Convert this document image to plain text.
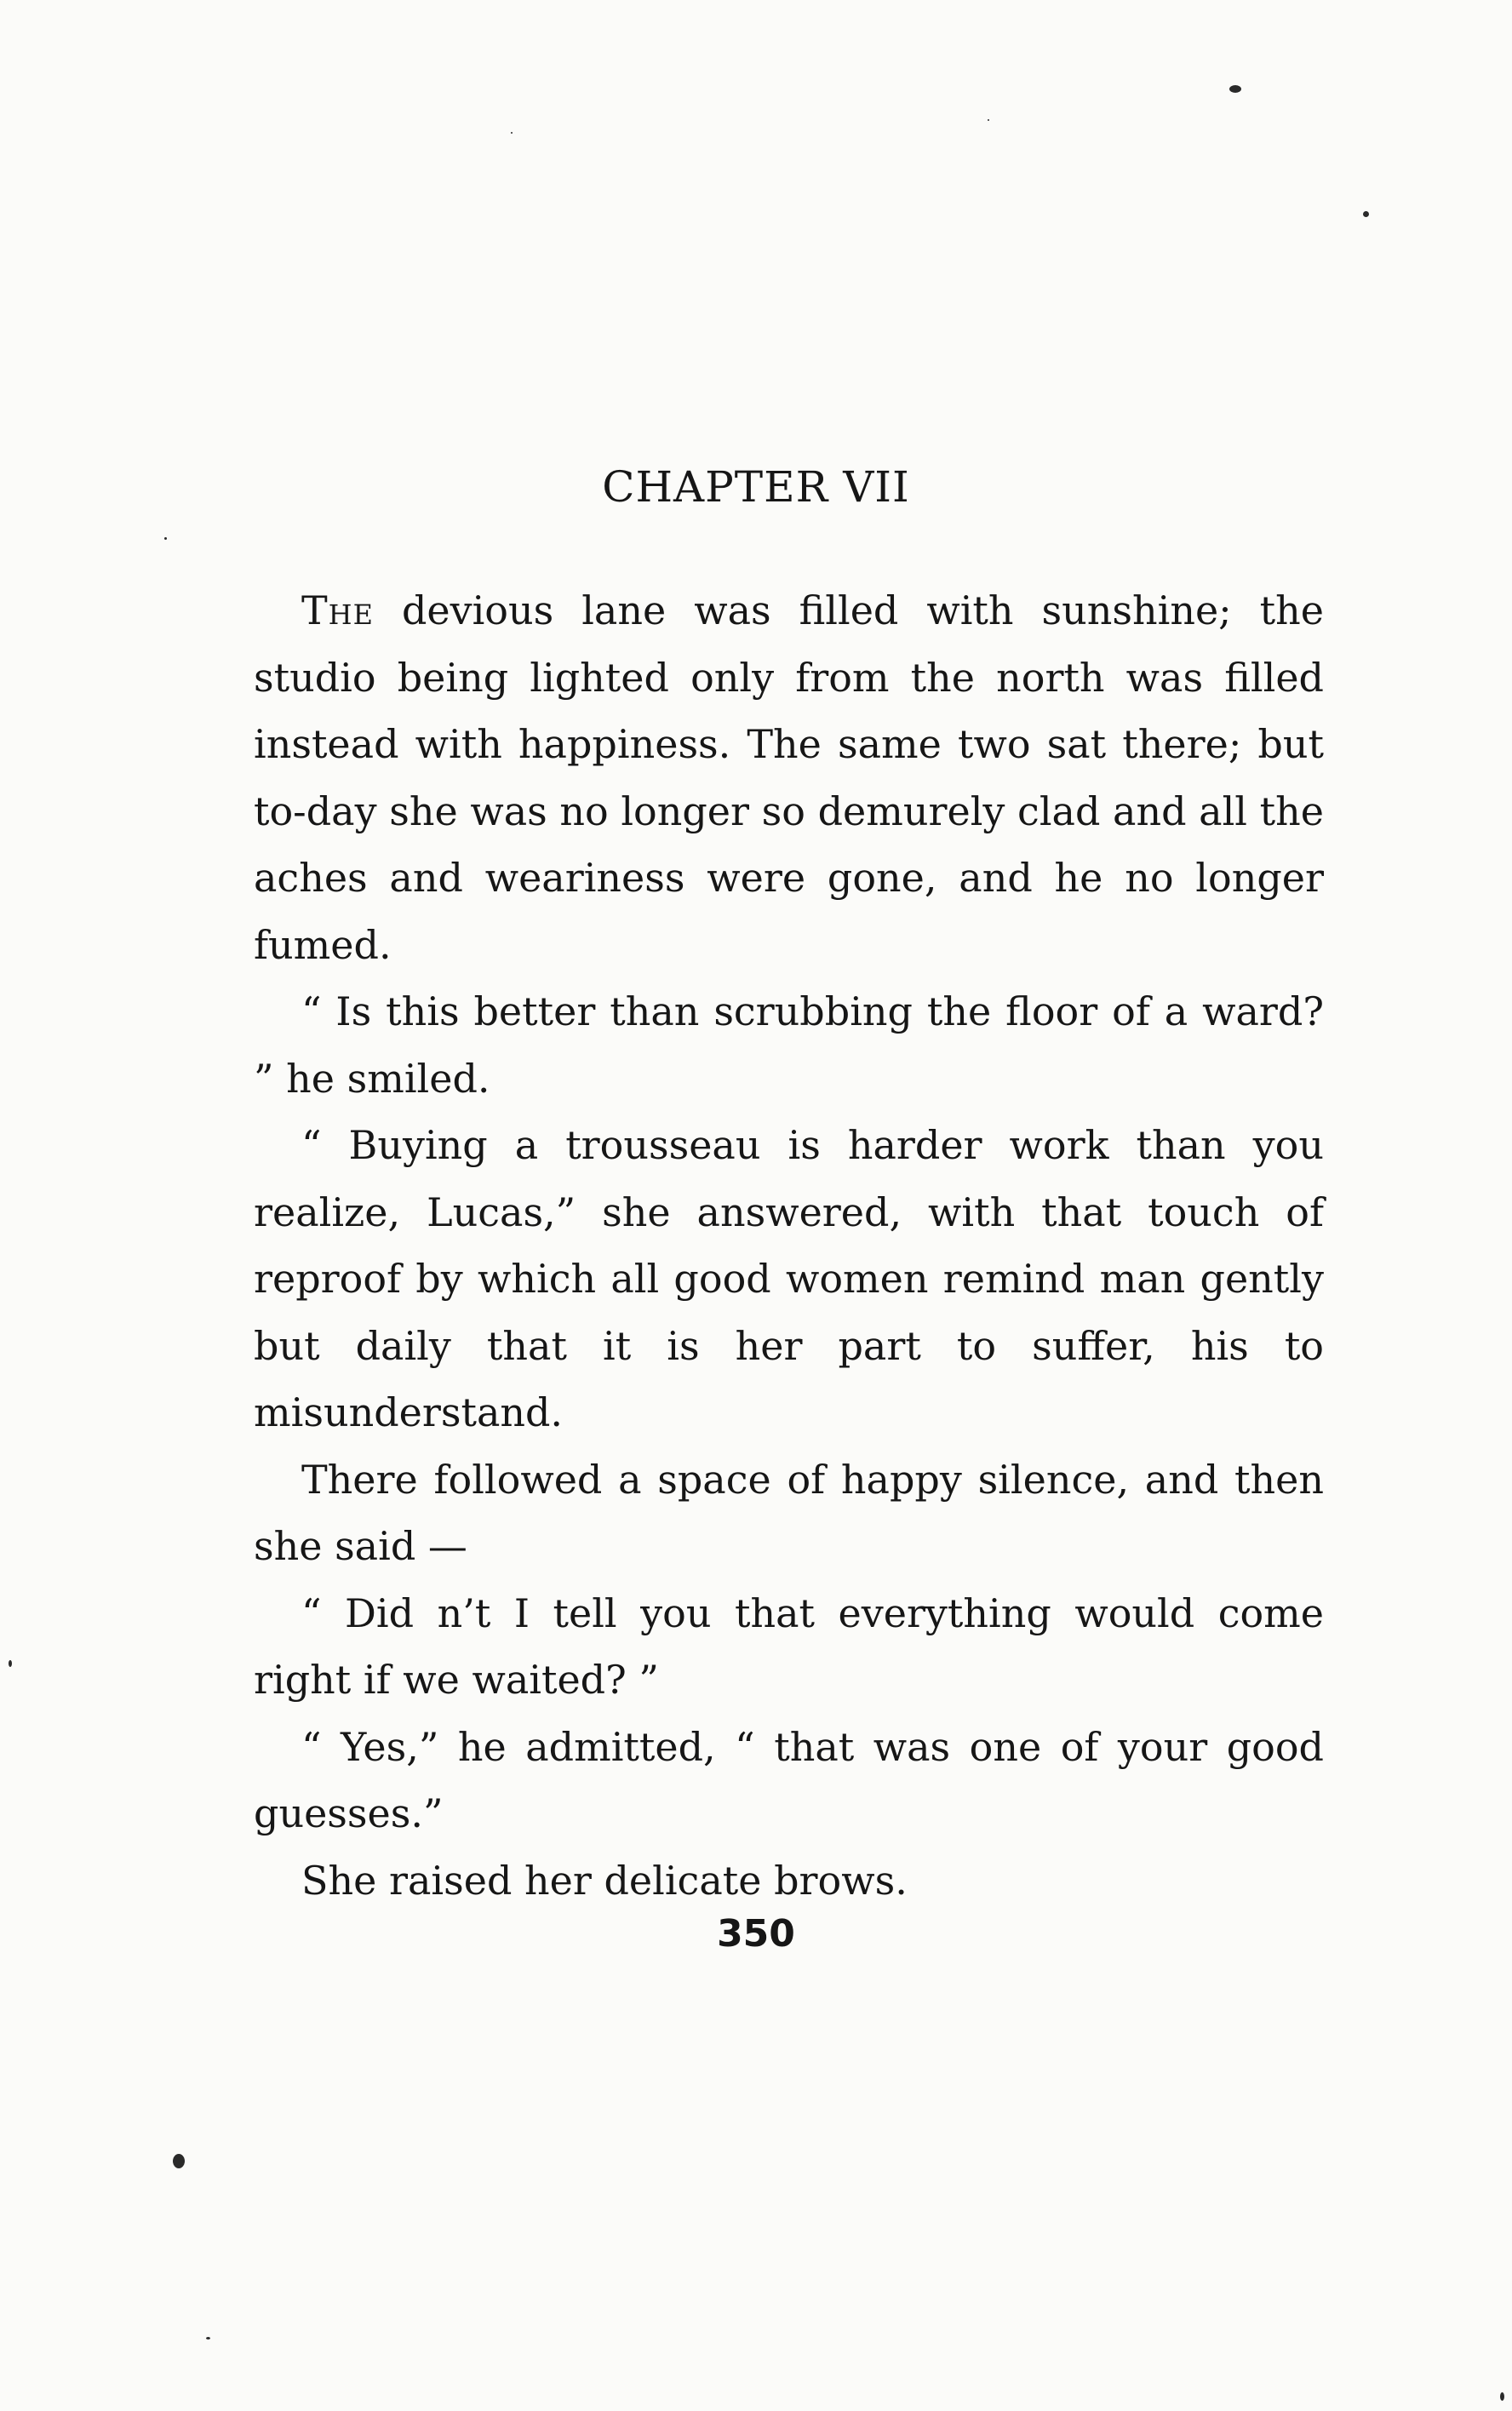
CHAPTER VII

The devious lane was filled with sunshine; the studio being lighted only from the north was filled instead with happiness. The same two sat there; but to-day she was no longer so demurely clad and all the aches and weariness were gone, and he no longer fumed.

“ Is this better than scrubbing the floor of a ward? ” he smiled.

“ Buying a trousseau is harder work than you realize, Lucas,” she answered, with that touch of reproof by which all good women remind man gently but daily that it is her part to suffer, his to misunderstand.

There followed a space of happy silence, and then she said —

“ Did n’t I tell you that everything would come right if we waited? ”

“ Yes,” he admitted, “ that was one of your good guesses.”

She raised her delicate brows.

350
